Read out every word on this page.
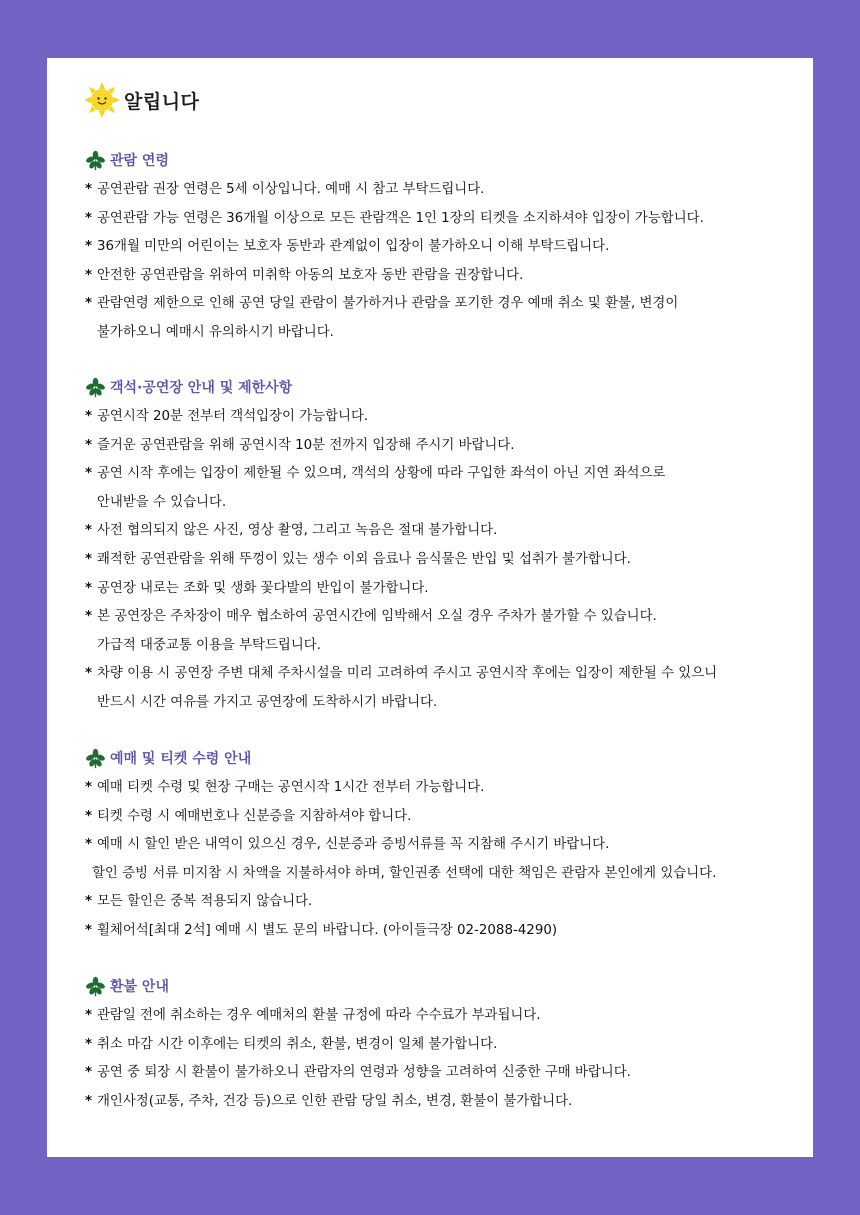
알립니다
관람 연령
* 공연관람 권장 연령은 5세 이상입니다. 예매 시 참고 부탁드립니다.
* 공연관람 가능 연령은 36개월 이상으로 모든 관람객은 1인 1장의 티켓을 소지하셔야 입장이 가능합니다.
* 36개월 미만의 어린이는 보호자 동반과 관계없이 입장이 불가하오니 이해 부탁드립니다.
* 안전한 공연관람을 위하여 미취학 아동의 보호자 동반 관람을 권장합니다.
* 관람연령 제한으로 인해 공연 당일 관람이 불가하거나 관람을 포기한 경우 예매 취소 및 환불, 변경이
불가하오니 예매시 유의하시기 바랍니다.
객석·공연장 안내 및 제한사항
* 공연시작 20분 전부터 객석입장이 가능합니다.
* 즐거운 공연관람을 위해 공연시작 10분 전까지 입장해 주시기 바랍니다.
* 공연 시작 후에는 입장이 제한될 수 있으며, 객석의 상황에 따라 구입한 좌석이 아닌 지연 좌석으로
안내받을 수 있습니다.
* 사전 협의되지 않은 사진, 영상 촬영, 그리고 녹음은 절대 불가합니다.
* 쾌적한 공연관람을 위해 뚜껑이 있는 생수 이외 음료나 음식물은 반입 및 섭취가 불가합니다.
* 공연장 내로는 조화 및 생화 꽃다발의 반입이 불가합니다.
* 본 공연장은 주차장이 매우 협소하여 공연시간에 임박해서 오실 경우 주차가 불가할 수 있습니다.
가급적 대중교통 이용을 부탁드립니다.
* 차량 이용 시 공연장 주변 대체 주차시설을 미리 고려하여 주시고 공연시작 후에는 입장이 제한될 수 있으니
반드시 시간 여유를 가지고 공연장에 도착하시기 바랍니다.
예매 및 티켓 수령 안내
* 예매 티켓 수령 및 현장 구매는 공연시작 1시간 전부터 가능합니다.
* 티켓 수령 시 예매번호나 신분증을 지참하셔야 합니다.
* 예매 시 할인 받은 내역이 있으신 경우, 신분증과 증빙서류를 꼭 지참해 주시기 바랍니다.
할인 증빙 서류 미지참 시 차액을 지불하셔야 하며, 할인권종 선택에 대한 책임은 관람자 본인에게 있습니다.
* 모든 할인은 중복 적용되지 않습니다.
* 휠체어석[최대 2석] 예매 시 별도 문의 바랍니다. (아이들극장 02-2088-4290)
환불 안내
* 관람일 전에 취소하는 경우 예매처의 환불 규정에 따라 수수료가 부과됩니다.
* 취소 마감 시간 이후에는 티켓의 취소, 환불, 변경이 일체 불가합니다.
* 공연 중 퇴장 시 환불이 불가하오니 관람자의 연령과 성향을 고려하여 신중한 구매 바랍니다.
* 개인사정(교통, 주차, 건강 등)으로 인한 관람 당일 취소, 변경, 환불이 불가합니다.
